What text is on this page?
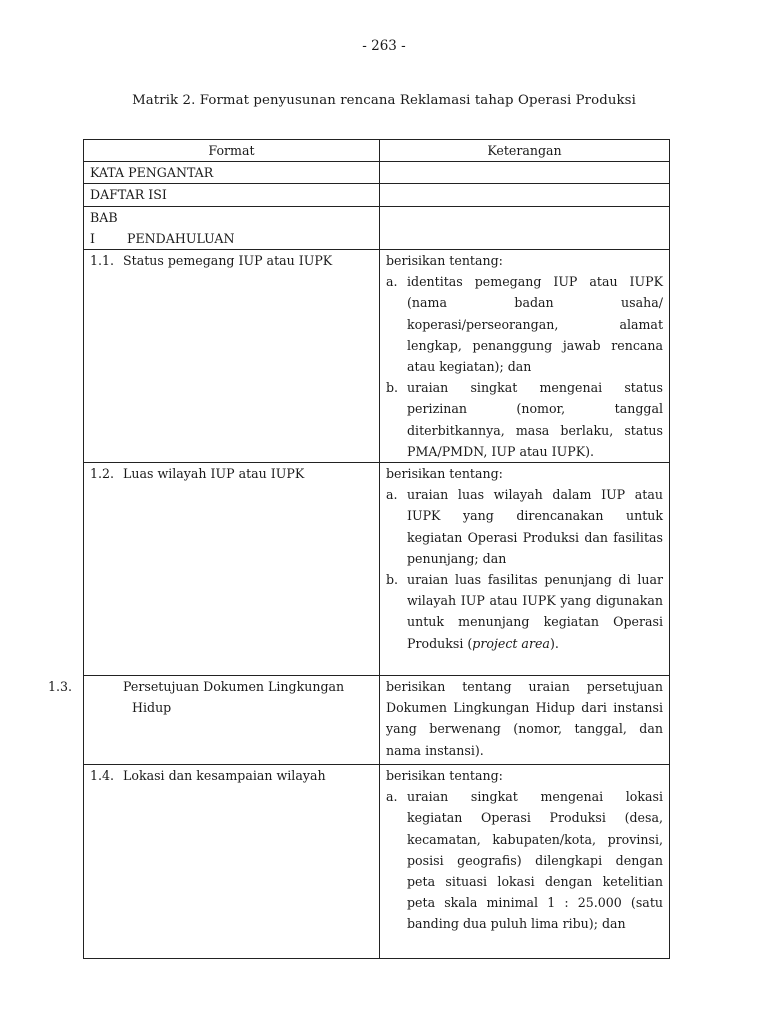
- 263 -
Matrik 2. Format penyusunan rencana Reklamasi tahap Operasi Produksi
Format	Keterangan
KATA PENGANTAR	
DAFTAR ISI	
BAB I PENDAHULUAN	
1.1. Status pemegang IUP atau IUPK	berisikan tentang:
a. identitas pemegang IUP atau IUPK (nama badan usaha/ koperasi/perseorangan, alamat lengkap, penanggung jawab rencana atau kegiatan); dan
b. uraian singkat mengenai status perizinan (nomor, tanggal diterbitkannya, masa berlaku, status PMA/PMDN, IUP atau IUPK).

1.2. Luas wilayah IUP atau IUPK	berisikan tentang:
a. uraian luas wilayah dalam IUP atau IUPK yang direncanakan untuk kegiatan Operasi Produksi dan fasilitas penunjang; dan
b. uraian luas fasilitas penunjang di luar wilayah IUP atau IUPK yang digunakan untuk menunjang kegiatan Operasi Produksi (project area).

1.3. Persetujuan Dokumen Lingkungan Hidup	berisikan tentang uraian persetujuan Dokumen Lingkungan Hidup dari instansi yang berwenang (nomor, tanggal, dan nama instansi).

1.4. Lokasi dan kesampaian wilayah	berisikan tentang:
a. uraian singkat mengenai lokasi kegiatan Operasi Produksi (desa, kecamatan, kabupaten/kota, provinsi, posisi geografis) dilengkapi dengan peta situasi lokasi dengan ketelitian peta skala minimal 1 : 25.000 (satu banding dua puluh lima ribu); dan
